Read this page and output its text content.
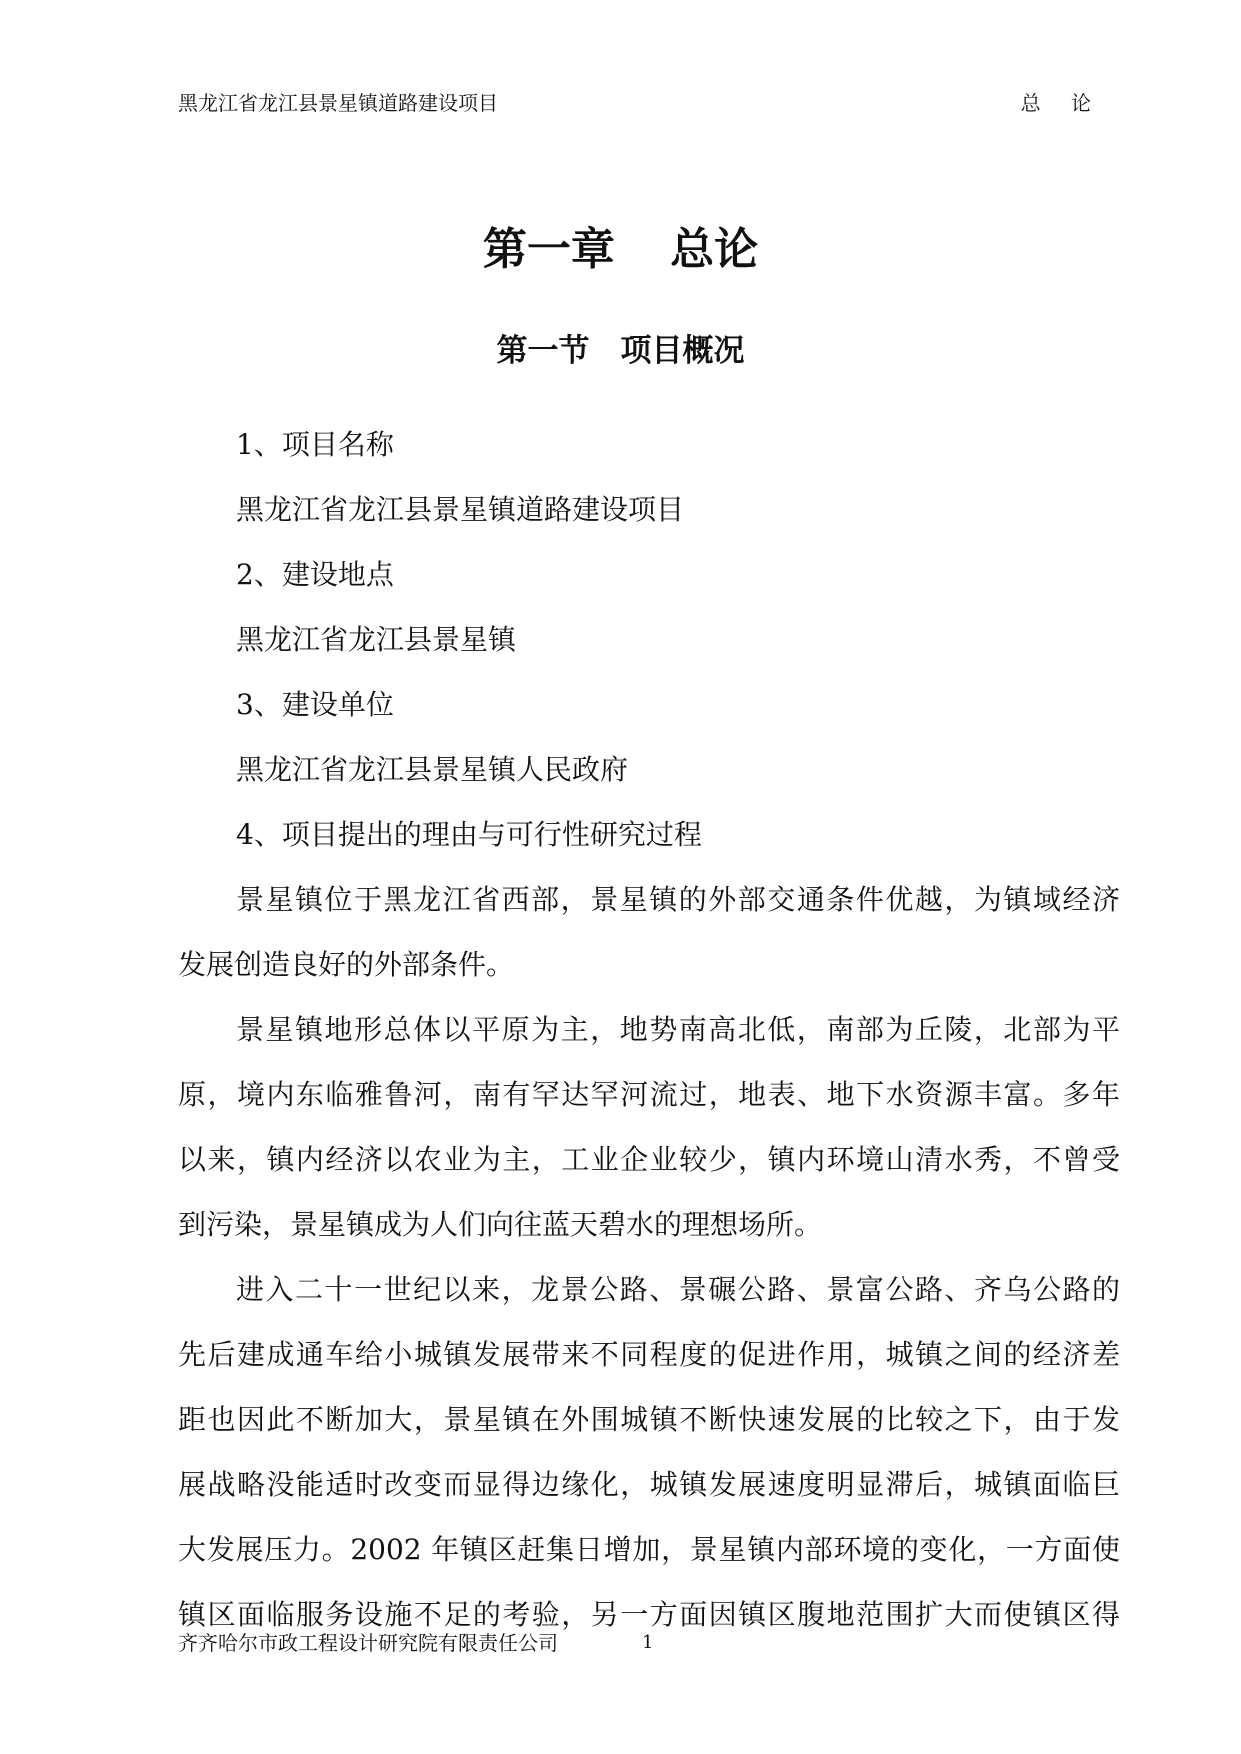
黑龙江省龙江县景星镇道路建设项目	总 论
第一章 总论
第一节　项目概况
1、项目名称
黑龙江省龙江县景星镇道路建设项目
2、建设地点
黑龙江省龙江县景星镇
3、建设单位
黑龙江省龙江县景星镇人民政府
4、项目提出的理由与可行性研究过程
景星镇位于黑龙江省西部，景星镇的外部交通条件优越，为镇域经济
发展创造良好的外部条件。
景星镇地形总体以平原为主，地势南高北低，南部为丘陵，北部为平
原，境内东临雅鲁河，南有罕达罕河流过，地表、地下水资源丰富。多年
以来，镇内经济以农业为主，工业企业较少，镇内环境山清水秀，不曾受
到污染，景星镇成为人们向往蓝天碧水的理想场所。
进入二十一世纪以来，龙景公路、景碾公路、景富公路、齐乌公路的
先后建成通车给小城镇发展带来不同程度的促进作用，城镇之间的经济差
距也因此不断加大，景星镇在外围城镇不断快速发展的比较之下，由于发
展战略没能适时改变而显得边缘化，城镇发展速度明显滞后，城镇面临巨
大发展压力。2002 年镇区赶集日增加，景星镇内部环境的变化，一方面使
镇区面临服务设施不足的考验，另一方面因镇区腹地范围扩大而使镇区得
齐齐哈尔市政工程设计研究院有限责任公司	1
